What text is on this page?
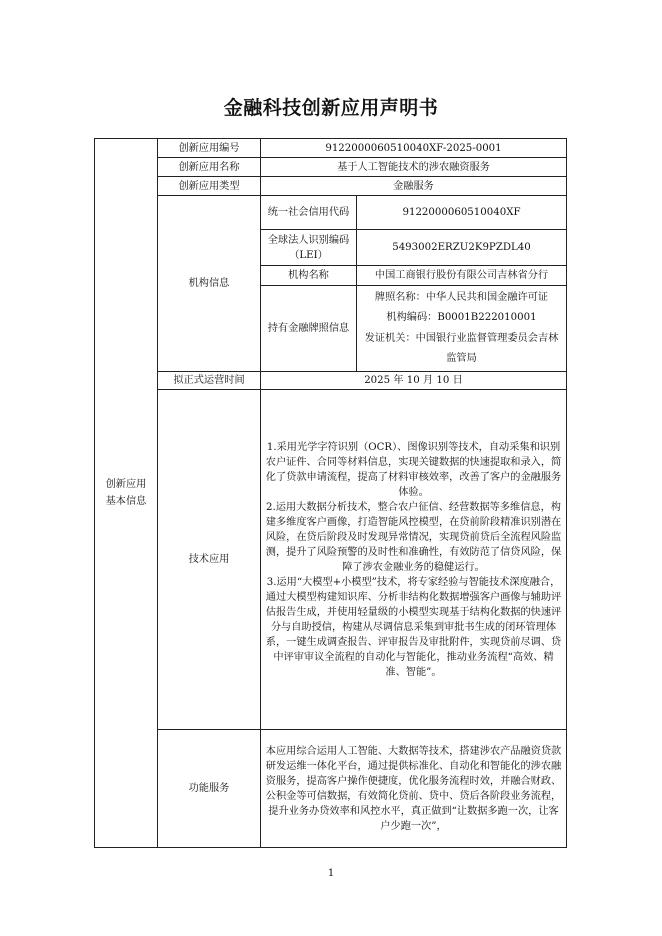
金融科技创新应用声明书
创新应用基本信息	创新应用编号	9122000060510040XF-2025-0001	
	创新应用名称	基于人工智能技术的涉农融资服务	
	创新应用类型	金融服务	
	机构信息	统一社会信用代码	9122000060510040XF
		全球法人识别编码（LEI）	5493002ERZU2K9PZDL40
		机构名称	中国工商银行股份有限公司吉林省分行
		持有金融牌照信息	牌照名称：中华人民共和国金融许可证
机构编码：B0001B222010001
发证机关：中国银行业监督管理委员会吉林监管局

	拟正式运营时间	2025 年 10 月 10 日	
	技术应用	1.采用光学字符识别（OCR）、图像识别等技术，自动采集和识别农户证件、合同等材料信息，实现关键数据的快速提取和录入，简化了贷款申请流程，提高了材料审核效率，改善了客户的金融服务体验。
2.运用大数据分析技术，整合农户征信、经营数据等多维信息，构建多维度客户画像，打造智能风控模型，在贷前阶段精准识别潜在风险，在贷后阶段及时发现异常情况，实现贷前贷后全流程风险监测，提升了风险预警的及时性和准确性，有效防范了信贷风险，保障了涉农金融业务的稳健运行。
3.运用“大模型+小模型”技术，将专家经验与智能技术深度融合，通过大模型构建知识库、分析非结构化数据增强客户画像与辅助评估报告生成，并使用轻量级的小模型实现基于结构化数据的快速评分与自助授信，构建从尽调信息采集到审批书生成的闭环管理体系，一键生成调查报告、评审报告及审批附件，实现贷前尽调、贷中评审审议全流程的自动化与智能化，推动业务流程“高效、精准、智能”。	

	功能服务	本应用综合运用人工智能、大数据等技术，搭建涉农产品融资贷款研发运维一体化平台，通过提供标准化、自动化和智能化的涉农融资服务，提高客户操作便捷度，优化服务流程时效，并融合财政、公积金等可信数据，有效简化贷前、贷中、贷后各阶段业务流程，提升业务办贷效率和风控水平，真正做到“让数据多跑一次，让客户少跑一次”，	
1
